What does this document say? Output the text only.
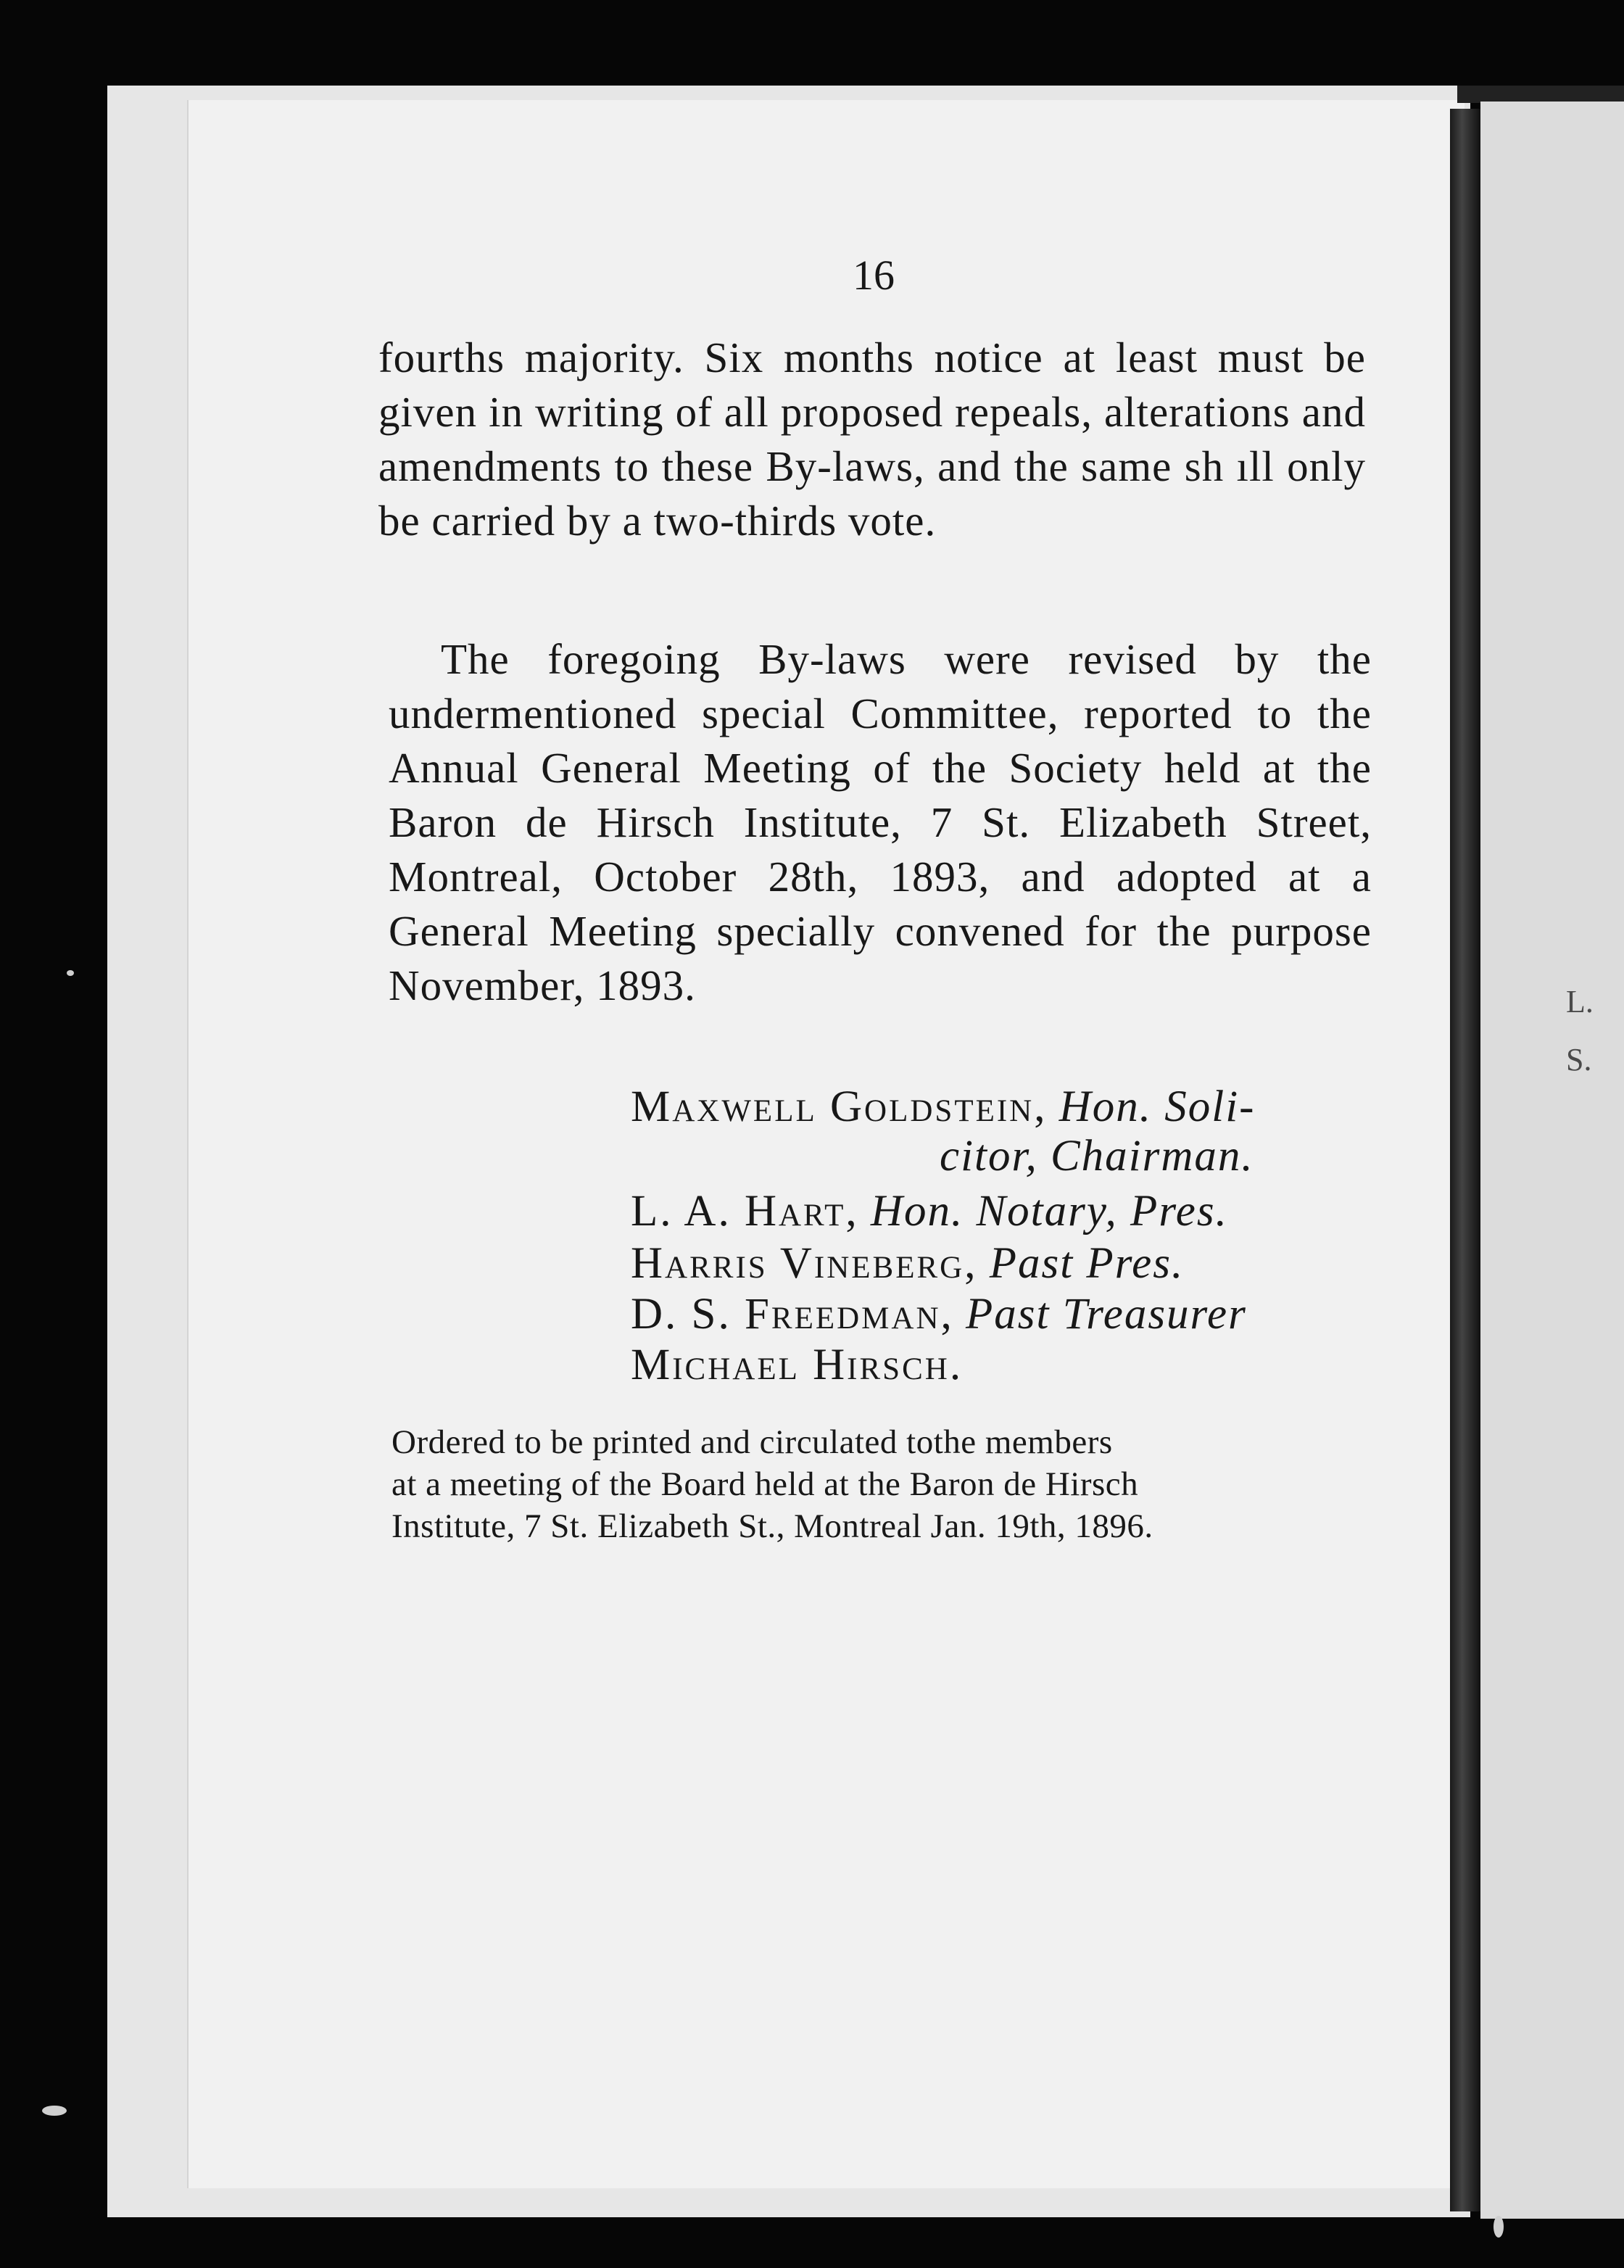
L.
S.
16
fourths majority. Six months notice at least must be given in writing of all proposed repeals, alterations and amendments to these By-laws, and the same sh ıll only be carried by a two-thirds vote.
The foregoing By-laws were revised by the undermentioned special Committee, reported to the Annual General Meeting of the Society held at the Baron de Hirsch Institute, 7 St. Elizabeth Street, Montreal, October 28th, 1893, and adopted at a General Meeting specially convened for the purpose November, 1893.
Maxwell Goldstein, Hon. Soli-
citor, Chairman.
L. A. Hart, Hon. Notary, Pres.
Harris Vineberg, Past Pres.
D. S. Freedman, Past Treasurer
Michael Hirsch.
Ordered to be printed and circulated tothe members
at a meeting of the Board held at the Baron de Hirsch
Institute, 7 St. Elizabeth St., Montreal Jan. 19th, 1896.
